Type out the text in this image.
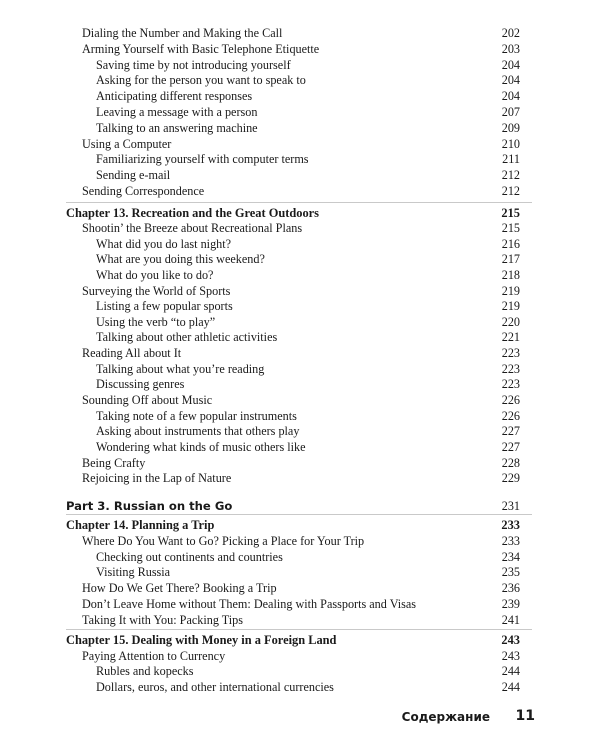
Dialing the Number and Making the Call	202
Arming Yourself with Basic Telephone Etiquette	203
Saving time by not introducing yourself	204
Asking for the person you want to speak to	204
Anticipating different responses	204
Leaving a message with a person	207
Talking to an answering machine	209
Using a Computer	210
Familiarizing yourself with computer terms	211
Sending e-mail	212
Sending Correspondence	212
Chapter 13. Recreation and the Great Outdoors	215
Shootin’ the Breeze about Recreational Plans	215
What did you do last night?	216
What are you doing this weekend?	217
What do you like to do?	218
Surveying the World of Sports	219
Listing a few popular sports	219
Using the verb “to play”	220
Talking about other athletic activities	221
Reading All about It	223
Talking about what you’re reading	223
Discussing genres	223
Sounding Off about Music	226
Taking note of a few popular instruments	226
Asking about instruments that others play	227
Wondering what kinds of music others like	227
Being Crafty	228
Rejoicing in the Lap of Nature	229
Part 3. Russian on the Go	231
Chapter 14. Planning a Trip	233
Where Do You Want to Go? Picking a Place for Your Trip	233
Checking out continents and countries	234
Visiting Russia	235
How Do We Get There? Booking a Trip	236
Don’t Leave Home without Them: Dealing with Passports and Visas	239
Taking It with You: Packing Tips	241
Chapter 15. Dealing with Money in a Foreign Land	243
Paying Attention to Currency	243
Rubles and kopecks	244
Dollars, euros, and other international currencies	244
Содержание	11
